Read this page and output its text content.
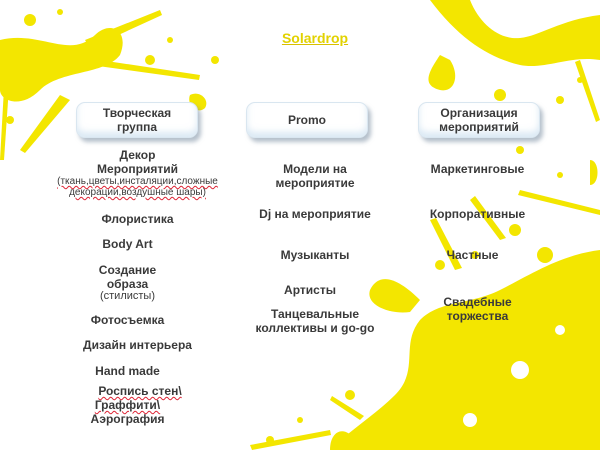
Solardrop
Творческая
группа	Promo	Организация
мероприятий
Декор
Мероприятий
(ткань,цветы,инсталяции,сложные
декорации,воздушные шары)
Флористика
Body Art
Создание
образа
(стилисты)
Фотосъемка
Дизайн интерьера
Hand made
Роспись стен\
Граффити\
Аэрография
Модели на
мероприятие
Dj на мероприятие
Музыканты
Артисты
Танцевальные
коллективы и go-go
Маркетинговые
Корпоративные
Частные
Свадебные
торжества
